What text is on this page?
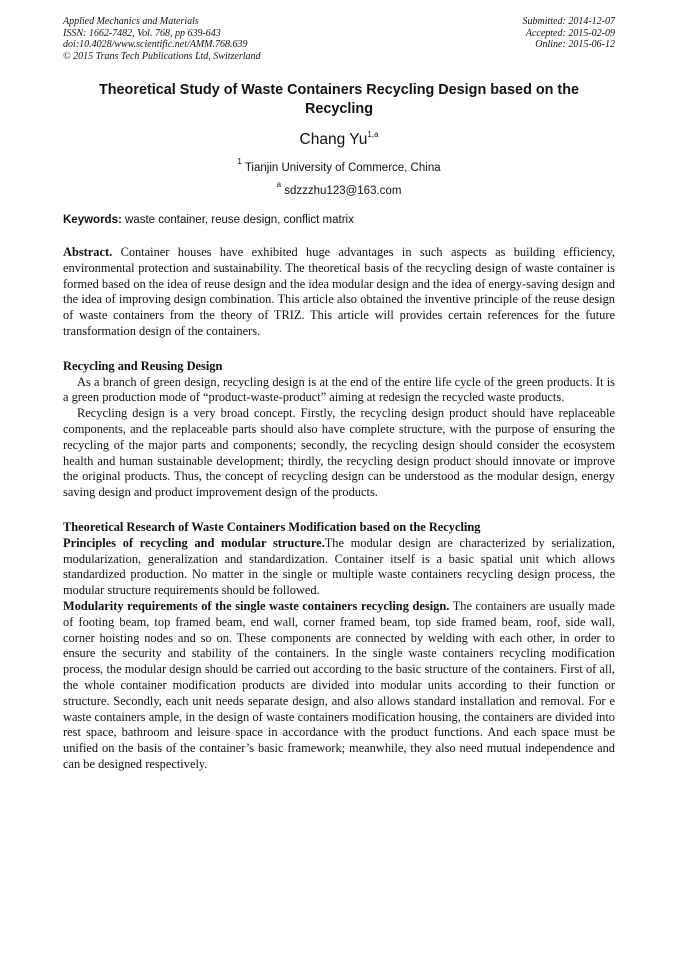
Applied Mechanics and Materials
ISSN: 1662-7482, Vol. 768, pp 639-643
doi:10.4028/www.scientific.net/AMM.768.639
© 2015 Trans Tech Publications Ltd, Switzerland
Submitted: 2014-12-07
Accepted: 2015-02-09
Online: 2015-06-12
Theoretical Study of Waste Containers Recycling Design based on the Recycling
Chang Yu$^{1,a}$
$^1$ Tianjin University of Commerce, China
$^a$ sdzzzhu123@163.com
Keywords: waste container, reuse design, conflict matrix

Abstract. Container houses have exhibited huge advantages in such aspects as building efficiency, environmental protection and sustainability. The theoretical basis of the recycling design of waste container is formed based on the idea of reuse design and the idea modular design and the idea of energy-saving design and the idea of improving design combination. This article also obtained the inventive principle of the reuse design of waste containers from the theory of TRIZ. This article will provides certain references for the future transformation design of the containers.

Recycling and Reusing Design

As a branch of green design, recycling design is at the end of the entire life cycle of the green products. It is a green production mode of “product-waste-product” aiming at redesign the recycled waste products.

Recycling design is a very broad concept. Firstly, the recycling design product should have replaceable components, and the replaceable parts should also have complete structure, with the purpose of ensuring the recycling of the major parts and components; secondly, the recycling design should consider the ecosystem health and human sustainable development; thirdly, the recycling design product should innovate or improve the original products. Thus, the concept of recycling design can be understood as the modular design, energy saving design and product improvement design of the products.

Theoretical Research of Waste Containers Modification based on the Recycling

Principles of recycling and modular structure.The modular design are characterized by serialization, modularization, generalization and standardization. Container itself is a basic spatial unit which allows standardized production. No matter in the single or multiple waste containers recycling design process, the modular structure requirements should be followed.

Modularity requirements of the single waste containers recycling design. The containers are usually made of footing beam, top framed beam, end wall, corner framed beam, top side framed beam, roof, side wall, corner hoisting nodes and so on. These components are connected by welding with each other, in order to ensure the security and stability of the containers. In the single waste containers recycling modification process, the modular design should be carried out according to the basic structure of the containers. First of all, the whole container modification products are divided into modular units according to their function or structure. Secondly, each unit needs separate design, and also allows standard installation and removal. For e waste containers ample, in the design of waste containers modification housing, the containers are divided into rest space, bathroom and leisure space in accordance with the product functions. And each space must be unified on the basis of the container’s basic framework; meanwhile, they also need mutual independence and can be designed respectively.
